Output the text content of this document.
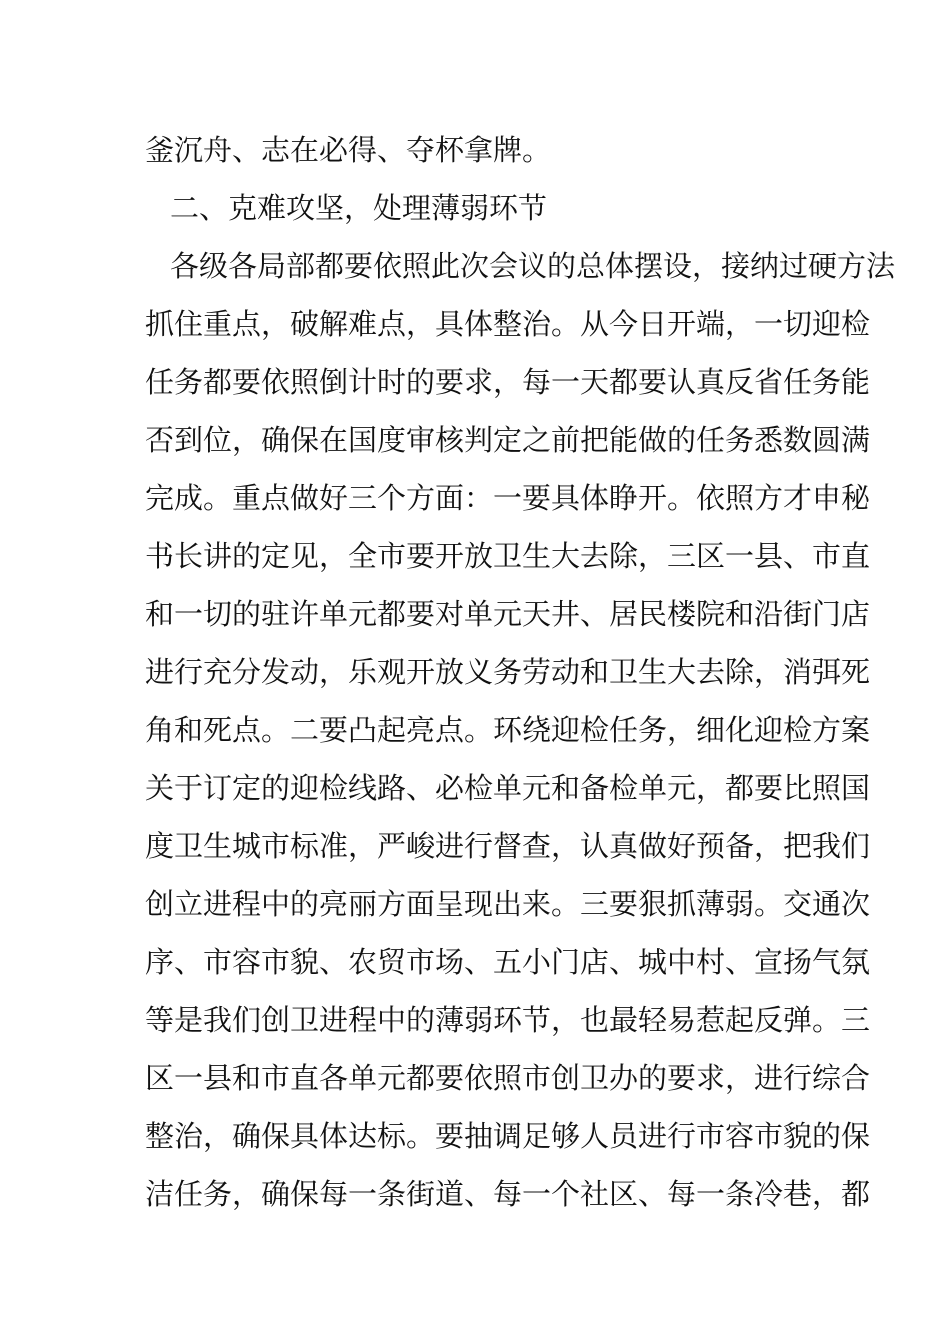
釜沉舟、志在必得、夺杯拿牌。
二、克难攻坚，处理薄弱环节
各级各局部都要依照此次会议的总体摆设，接纳过硬方法
抓住重点，破解难点，具体整治。从今日开端，一切迎检
任务都要依照倒计时的要求，每一天都要认真反省任务能
否到位，确保在国度审核判定之前把能做的任务悉数圆满
完成。重点做好三个方面：一要具体睁开。依照方才申秘
书长讲的定见，全市要开放卫生大去除，三区一县、市直
和一切的驻许单元都要对单元天井、居民楼院和沿街门店
进行充分发动，乐观开放义务劳动和卫生大去除，消弭死
角和死点。二要凸起亮点。环绕迎检任务，细化迎检方案
关于订定的迎检线路、必检单元和备检单元，都要比照国
度卫生城市标准，严峻进行督查，认真做好预备，把我们
创立进程中的亮丽方面呈现出来。三要狠抓薄弱。交通次
序、市容市貌、农贸市场、五小门店、城中村、宣扬气氛
等是我们创卫进程中的薄弱环节，也最轻易惹起反弹。三
区一县和市直各单元都要依照市创卫办的要求，进行综合
整治，确保具体达标。要抽调足够人员进行市容市貌的保
洁任务，确保每一条街道、每一个社区、每一条冷巷，都
